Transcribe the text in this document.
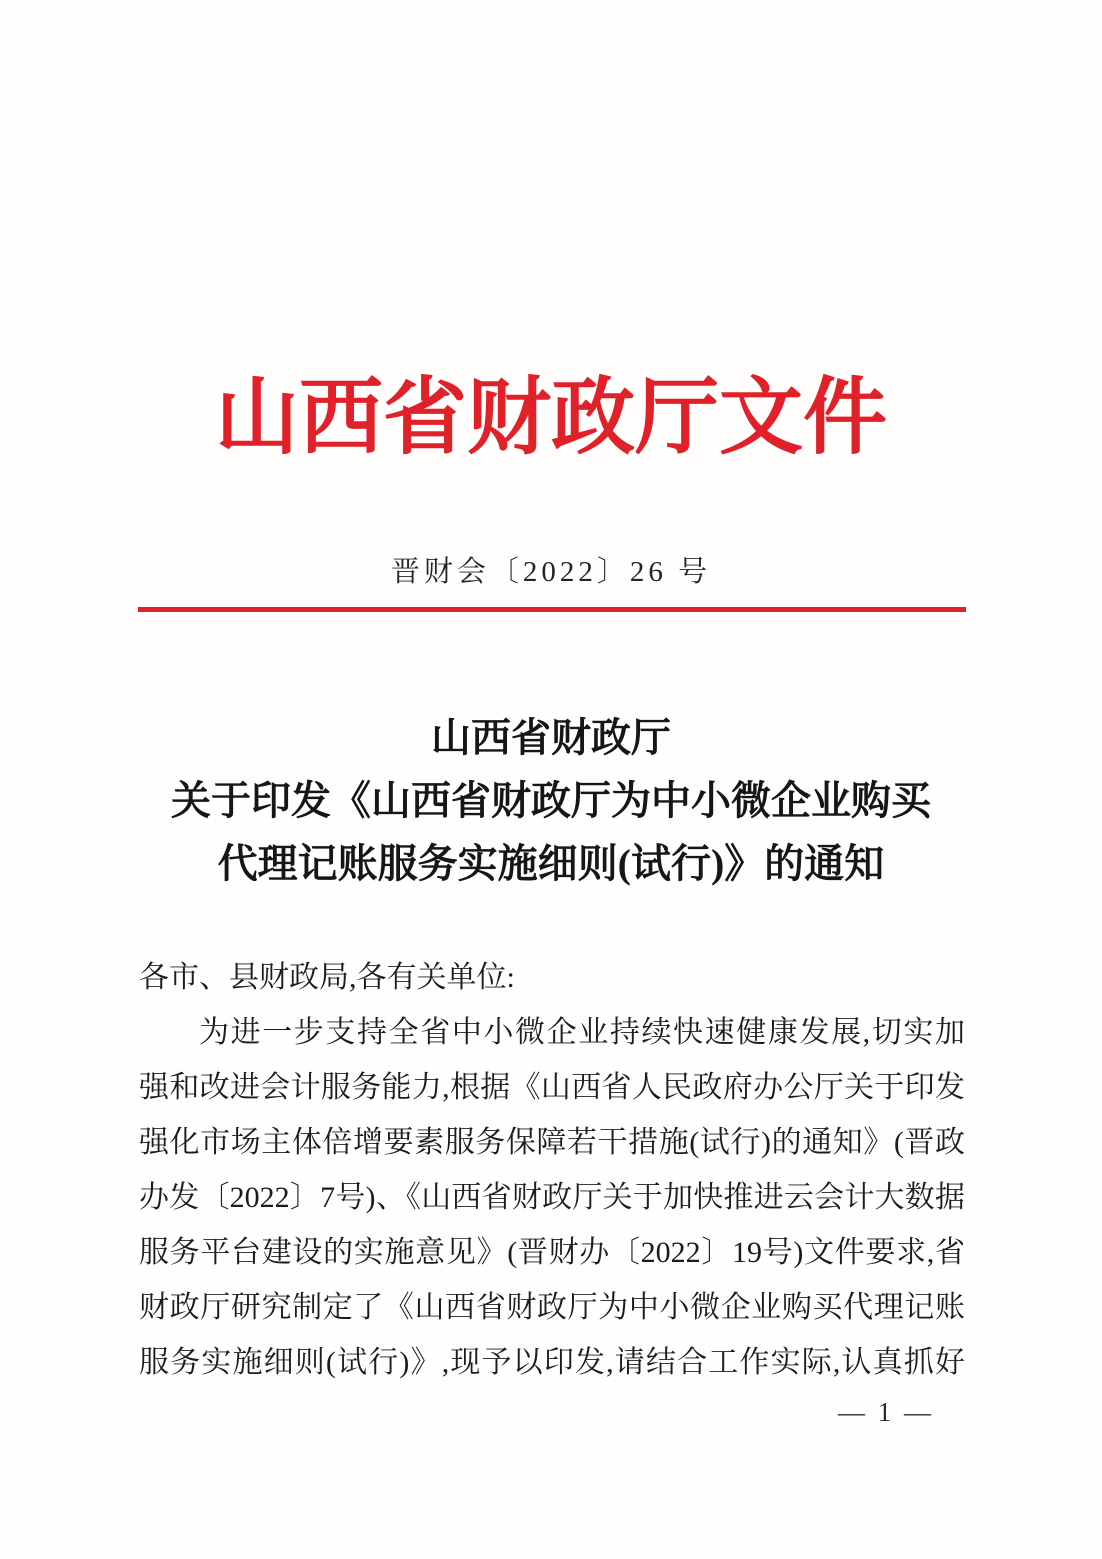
山西省财政厅文件
晋财会〔2022〕26 号
山西省财政厅
关于印发《山西省财政厅为中小微企业购买
代理记账服务实施细则(试行)》的通知
各市、县财政局,各有关单位:
为进一步支持全省中小微企业持续快速健康发展,切实加
强和改进会计服务能力,根据《山西省人民政府办公厅关于印发
强化市场主体倍增要素服务保障若干措施(试行)的通知》(晋政
办发〔2022〕7号)、《山西省财政厅关于加快推进云会计大数据
服务平台建设的实施意见》(晋财办〔2022〕19号)文件要求,省
财政厅研究制定了《山西省财政厅为中小微企业购买代理记账
服务实施细则(试行)》,现予以印发,请结合工作实际,认真抓好
— 1 —
